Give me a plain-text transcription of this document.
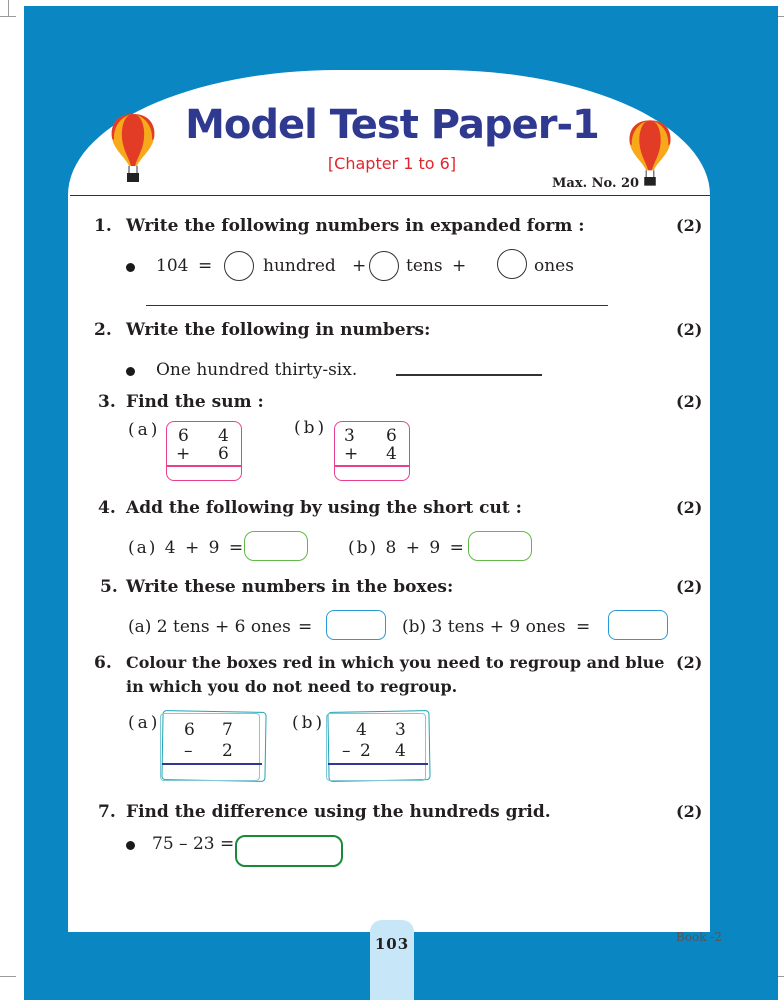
Model Test Paper-1
[Chapter 1 to 6]
Max. No. 20
1. Write the following numbers in expanded form :	(2)
104 =	hundred + tens +	ones
2. Write the following in numbers:	(2)
One hundred thirty-six.
3. Find the sum :	(2)
(a) 6 4
+ 6
(b) 3 6
+ 4
4. Add the following by using the short cut :	(2)
(a) 4 + 9 =	(b) 8 + 9 =
5. Write these numbers in the boxes:	(2)
(a) 2 tens + 6 ones =	(b) 3 tens + 9 ones =
6. Colour the boxes red in which you need to regroup and blue
in which you do not need to regroup.
(2)
(a) 6 7
– 2
(b) 4 3
– 2 4
7. Find the difference using the hundreds grid.	(2)
75 – 23 =
103	Book -2
